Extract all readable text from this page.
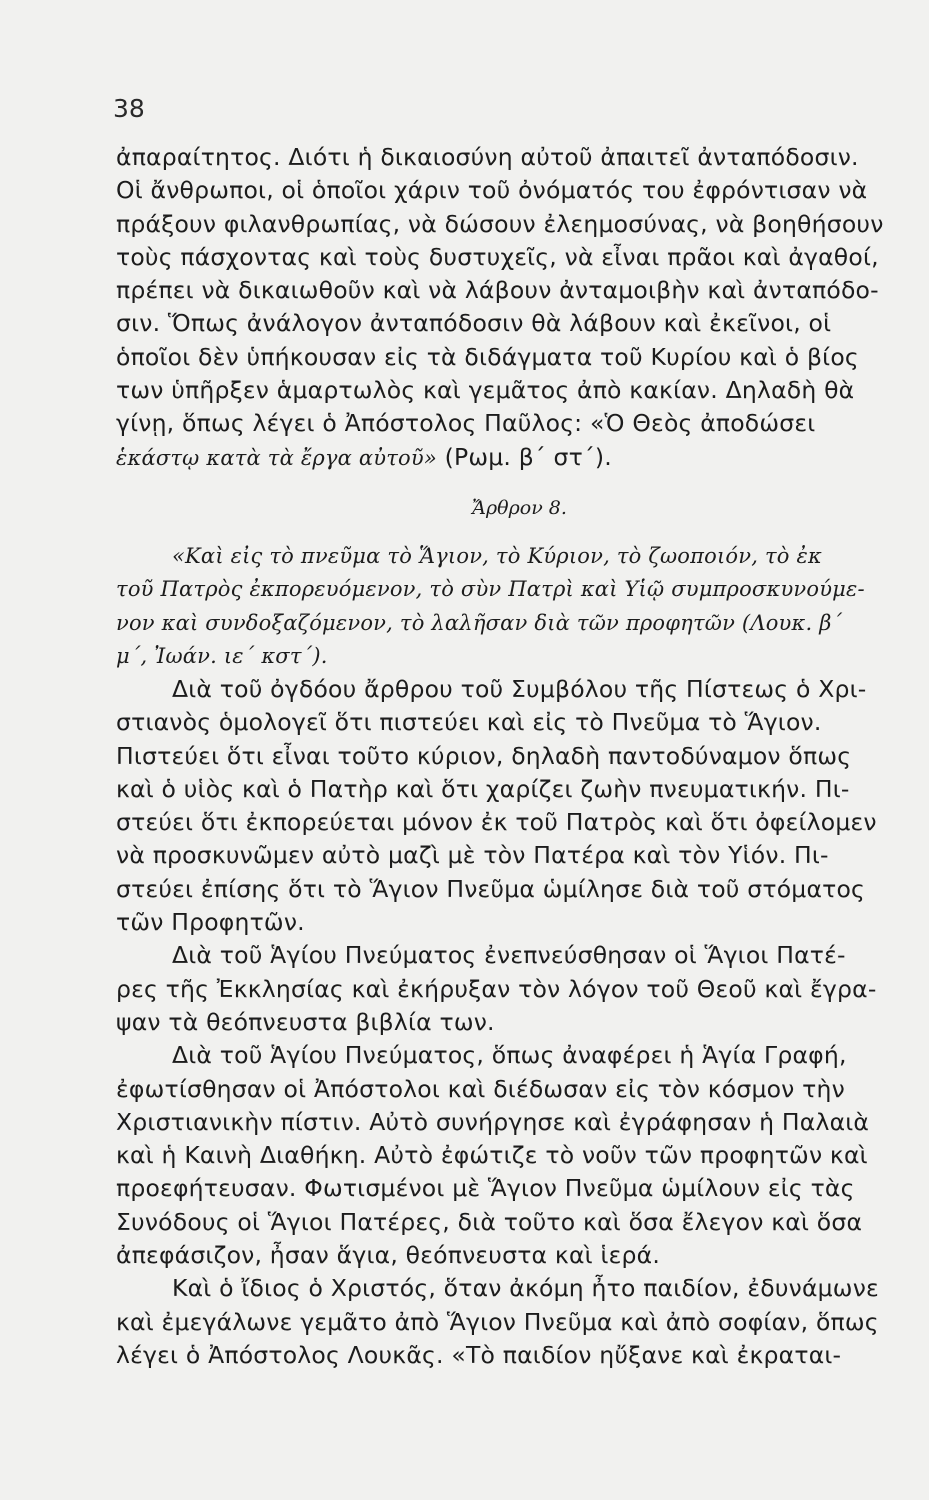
38
ἀπαραίτητος. Διότι ἡ δικαιοσύνη αὐτοῦ ἀπαιτεῖ ἀνταπόδοσιν.
Οἱ ἄνθρωποι, οἱ ὁποῖοι χάριν τοῦ ὀνόματός του ἐφρόντισαν νὰ
πράξουν φιλανθρωπίας, νὰ δώσουν ἐλεημοσύνας, νὰ βοηθήσουν
τοὺς πάσχοντας καὶ τοὺς δυστυχεῖς, νὰ εἶναι πρᾶοι καὶ ἀγαθοί,
πρέπει νὰ δικαιωθοῦν καὶ νὰ λάβουν ἀνταμοιβὴν καὶ ἀνταπόδο-
σιν. Ὅπως ἀνάλογον ἀνταπόδοσιν θὰ λάβουν καὶ ἐκεῖνοι, οἱ
ὁποῖοι δὲν ὑπήκουσαν εἰς τὰ διδάγματα τοῦ Κυρίου καὶ ὁ βίος
των ὑπῆρξεν ἁμαρτωλὸς καὶ γεμᾶτος ἀπὸ κακίαν. Δηλαδὴ θὰ
γίνῃ, ὅπως λέγει ὁ Ἀπόστολος Παῦλος: «Ὁ Θεὸς ἀποδώσει
ἑκάστῳ κατὰ τὰ ἔργα αὐτοῦ» (Ρωμ. β΄ στ΄).
Ἄρθρον 8.
«Καὶ εἰς τὸ πνεῦμα τὸ Ἅγιον, τὸ Κύριον, τὸ ζωοποιόν, τὸ ἐκ
τοῦ Πατρὸς ἐκπορευόμενον, τὸ σὺν Πατρὶ καὶ Υἱῷ συμπροσκυνούμε-
νον καὶ συνδοξαζόμενον, τὸ λαλῆσαν διὰ τῶν προφητῶν (Λουκ. β΄
μ΄, Ἰωάν. ιε΄ κστ΄).
Διὰ τοῦ ὀγδόου ἄρθρου τοῦ Συμβόλου τῆς Πίστεως ὁ Χρι-
στιανὸς ὁμολογεῖ ὅτι πιστεύει καὶ εἰς τὸ Πνεῦμα τὸ Ἅγιον.
Πιστεύει ὅτι εἶναι τοῦτο κύριον, δηλαδὴ παντοδύναμον ὅπως
καὶ ὁ υἱὸς καὶ ὁ Πατὴρ καὶ ὅτι χαρίζει ζωὴν πνευματικήν. Πι-
στεύει ὅτι ἐκπορεύεται μόνον ἐκ τοῦ Πατρὸς καὶ ὅτι ὀφείλομεν
νὰ προσκυνῶμεν αὐτὸ μαζὶ μὲ τὸν Πατέρα καὶ τὸν Υἱόν. Πι-
στεύει ἐπίσης ὅτι τὸ Ἅγιον Πνεῦμα ὡμίλησε διὰ τοῦ στόματος
τῶν Προφητῶν.
Διὰ τοῦ Ἁγίου Πνεύματος ἐνεπνεύσθησαν οἱ Ἅγιοι Πατέ-
ρες τῆς Ἐκκλησίας καὶ ἐκήρυξαν τὸν λόγον τοῦ Θεοῦ καὶ ἔγρα-
ψαν τὰ θεόπνευστα βιβλία των.
Διὰ τοῦ Ἁγίου Πνεύματος, ὅπως ἀναφέρει ἡ Ἁγία Γραφή,
ἐφωτίσθησαν οἱ Ἀπόστολοι καὶ διέδωσαν εἰς τὸν κόσμον τὴν
Χριστιανικὴν πίστιν. Αὐτὸ συνήργησε καὶ ἐγράφησαν ἡ Παλαιὰ
καὶ ἡ Καινὴ Διαθήκη. Αὐτὸ ἐφώτιζε τὸ νοῦν τῶν προφητῶν καὶ
προεφήτευσαν. Φωτισμένοι μὲ Ἅγιον Πνεῦμα ὡμίλουν εἰς τὰς
Συνόδους οἱ Ἅγιοι Πατέρες, διὰ τοῦτο καὶ ὅσα ἔλεγον καὶ ὅσα
ἀπεφάσιζον, ἦσαν ἅγια, θεόπνευστα καὶ ἱερά.
Καὶ ὁ ἴδιος ὁ Χριστός, ὅταν ἀκόμη ἦτο παιδίον, ἐδυνάμωνε
καὶ ἐμεγάλωνε γεμᾶτο ἀπὸ Ἅγιον Πνεῦμα καὶ ἀπὸ σοφίαν, ὅπως
λέγει ὁ Ἀπόστολος Λουκᾶς. «Τὸ παιδίον ηὔξανε καὶ ἐκραται-
